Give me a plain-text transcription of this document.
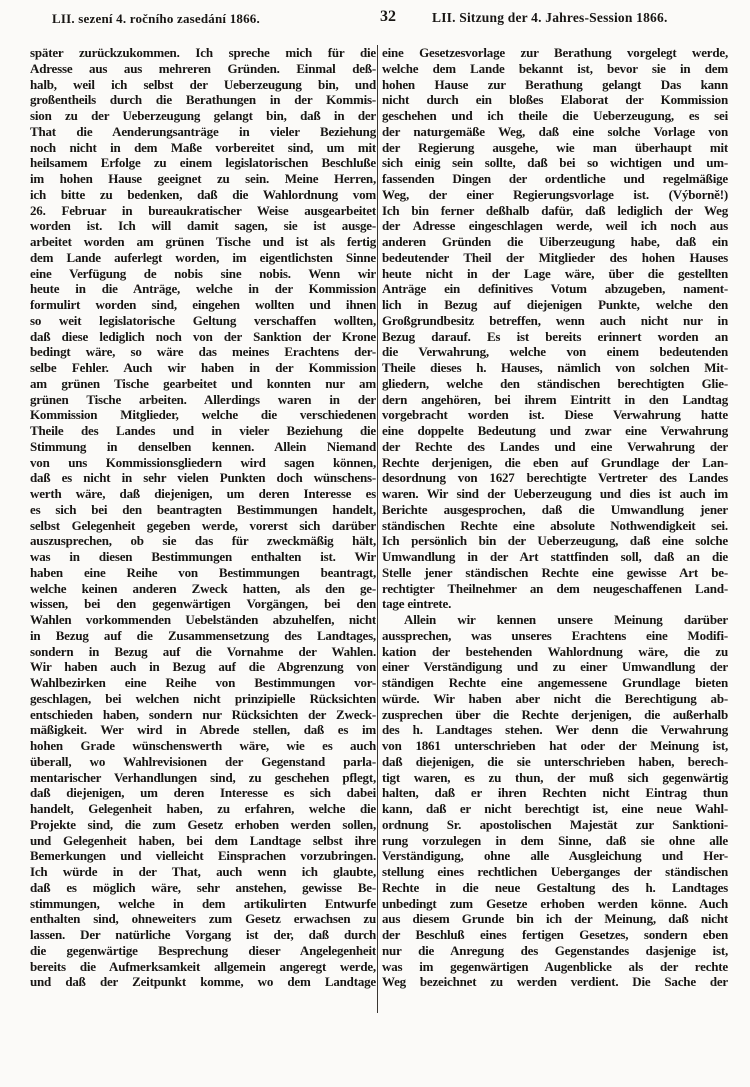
LII. sezení 4. ročního zasedání 1866.	32	LII. Sitzung der 4. Jahres-Session 1866.
später zurückzukommen. Ich spreche mich für die
Adresse aus aus mehreren Gründen. Einmal deß-
halb, weil ich selbst der Ueberzeugung bin, und
großentheils durch die Berathungen in der Kommis-
sion zu der Ueberzeugung gelangt bin, daß in der
That die Aenderungsanträge in vieler Beziehung
noch nicht in dem Maße vorbereitet sind, um mit
heilsamem Erfolge zu einem legislatorischen Beschluße
im hohen Hause geeignet zu sein. Meine Herren,
ich bitte zu bedenken, daß die Wahlordnung vom
26. Februar in bureaukratischer Weise ausgearbeitet
worden ist. Ich will damit sagen, sie ist ausge-
arbeitet worden am grünen Tische und ist als fertig
dem Lande auferlegt worden, im eigentlichsten Sinne
eine Verfügung de nobis sine nobis. Wenn wir
heute in die Anträge, welche in der Kommission
formulirt worden sind, eingehen wollten und ihnen
so weit legislatorische Geltung verschaffen wollten,
daß diese lediglich noch von der Sanktion der Krone
bedingt wäre, so wäre das meines Erachtens der-
selbe Fehler. Auch wir haben in der Kommission
am grünen Tische gearbeitet und konnten nur am
grünen Tische arbeiten. Allerdings waren in der
Kommission Mitglieder, welche die verschiedenen
Theile des Landes und in vieler Beziehung die
Stimmung in denselben kennen. Allein Niemand
von uns Kommissionsgliedern wird sagen können,
daß es nicht in sehr vielen Punkten doch wünschens-
werth wäre, daß diejenigen, um deren Interesse es
es sich bei den beantragten Bestimmungen handelt,
selbst Gelegenheit gegeben werde, vorerst sich darüber
auszusprechen, ob sie das für zweckmäßig hält,
was in diesen Bestimmungen enthalten ist. Wir
haben eine Reihe von Bestimmungen beantragt,
welche keinen anderen Zweck hatten, als den ge-
wissen, bei den gegenwärtigen Vorgängen, bei den
Wahlen vorkommenden Uebelständen abzuhelfen, nicht
in Bezug auf die Zusammensetzung des Landtages,
sondern in Bezug auf die Vornahme der Wahlen.
Wir haben auch in Bezug auf die Abgrenzung von
Wahlbezirken eine Reihe von Bestimmungen vor-
geschlagen, bei welchen nicht prinzipielle Rücksichten
entschieden haben, sondern nur Rücksichten der Zweck-
mäßigkeit. Wer wird in Abrede stellen, daß es im
hohen Grade wünschenswerth wäre, wie es auch
überall, wo Wahlrevisionen der Gegenstand parla-
mentarischer Verhandlungen sind, zu geschehen pflegt,
daß diejenigen, um deren Interesse es sich dabei
handelt, Gelegenheit haben, zu erfahren, welche die
Projekte sind, die zum Gesetz erhoben werden sollen,
und Gelegenheit haben, bei dem Landtage selbst ihre
Bemerkungen und vielleicht Einsprachen vorzubringen.
Ich würde in der That, auch wenn ich glaubte,
daß es möglich wäre, sehr anstehen, gewisse Be-
stimmungen, welche in dem artikulirten Entwurfe
enthalten sind, ohneweiters zum Gesetz erwachsen zu
lassen. Der natürliche Vorgang ist der, daß durch
die gegenwärtige Besprechung dieser Angelegenheit
bereits die Aufmerksamkeit allgemein angeregt werde,
und daß der Zeitpunkt komme, wo dem Landtage
eine Gesetzesvorlage zur Berathung vorgelegt werde,
welche dem Lande bekannt ist, bevor sie in dem
hohen Hause zur Berathung gelangt Das kann
nicht durch ein bloßes Elaborat der Kommission
geschehen und ich theile die Ueberzeugung, es sei
der naturgemäße Weg, daß eine solche Vorlage von
der Regierung ausgehe, wie man überhaupt mit
sich einig sein sollte, daß bei so wichtigen und um-
fassenden Dingen der ordentliche und regelmäßige
Weg, der einer Regierungsvorlage ist. (Výborně!)
Ich bin ferner deßhalb dafür, daß lediglich der Weg
der Adresse eingeschlagen werde, weil ich noch aus
anderen Gründen die Uiberzeugung habe, daß ein
bedeutender Theil der Mitglieder des hohen Hauses
heute nicht in der Lage wäre, über die gestellten
Anträge ein definitives Votum abzugeben, nament-
lich in Bezug auf diejenigen Punkte, welche den
Großgrundbesitz betreffen, wenn auch nicht nur in
Bezug darauf. Es ist bereits erinnert worden an
die Verwahrung, welche von einem bedeutenden
Theile dieses h. Hauses, nämlich von solchen Mit-
gliedern, welche den ständischen berechtigten Glie-
dern angehören, bei ihrem Eintritt in den Landtag
vorgebracht worden ist. Diese Verwahrung hatte
eine doppelte Bedeutung und zwar eine Verwahrung
der Rechte des Landes und eine Verwahrung der
Rechte derjenigen, die eben auf Grundlage der Lan-
desordnung von 1627 berechtigte Vertreter des Landes
waren. Wir sind der Ueberzeugung und dies ist auch im
Berichte ausgesprochen, daß die Umwandlung jener
ständischen Rechte eine absolute Nothwendigkeit sei.
Ich persönlich bin der Ueberzeugung, daß eine solche
Umwandlung in der Art stattfinden soll, daß an die
Stelle jener ständischen Rechte eine gewisse Art be-
rechtigter Theilnehmer an dem neugeschaffenen Land-
tage eintrete.
Allein wir kennen unsere Meinung darüber
aussprechen, was unseres Erachtens eine Modifi-
kation der bestehenden Wahlordnung wäre, die zu
einer Verständigung und zu einer Umwandlung der
ständigen Rechte eine angemessene Grundlage bieten
würde. Wir haben aber nicht die Berechtigung ab-
zusprechen über die Rechte derjenigen, die außerhalb
des h. Landtages stehen. Wer denn die Verwahrung
von 1861 unterschrieben hat oder der Meinung ist,
daß diejenigen, die sie unterschrieben haben, berech-
tigt waren, es zu thun, der muß sich gegenwärtig
halten, daß er ihren Rechten nicht Eintrag thun
kann, daß er nicht berechtigt ist, eine neue Wahl-
ordnung Sr. apostolischen Majestät zur Sanktioni-
rung vorzulegen in dem Sinne, daß sie ohne alle
Verständigung, ohne alle Ausgleichung und Her-
stellung eines rechtlichen Ueberganges der ständischen
Rechte in die neue Gestaltung des h. Landtages
unbedingt zum Gesetze erhoben werden könne. Auch
aus diesem Grunde bin ich der Meinung, daß nicht
der Beschluß eines fertigen Gesetzes, sondern eben
nur die Anregung des Gegenstandes dasjenige ist,
was im gegenwärtigen Augenblicke als der rechte
Weg bezeichnet zu werden verdient. Die Sache der
